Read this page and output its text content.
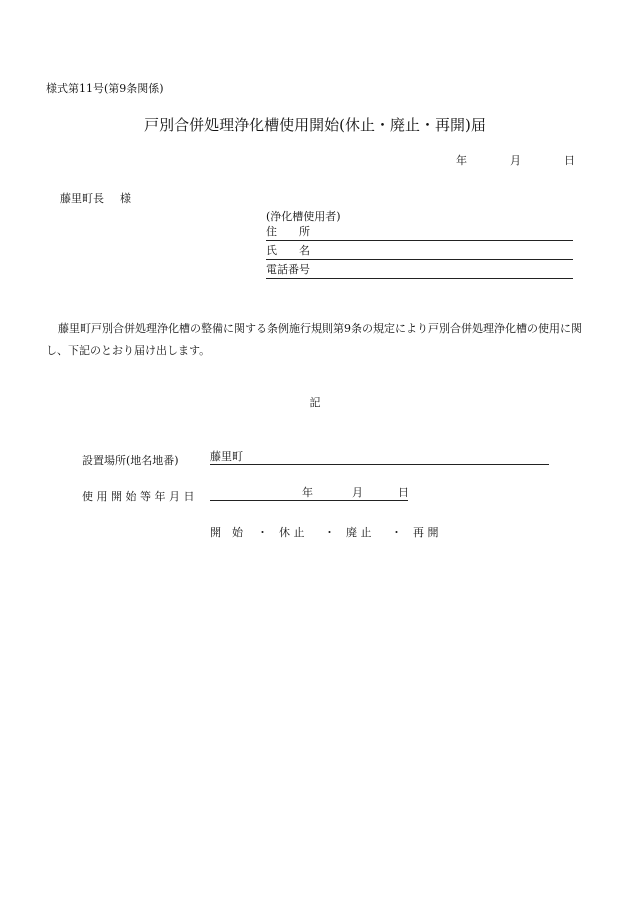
様式第11号(第9条関係)
戸別合併処理浄化槽使用開始(休止・廃止・再開)届
年	月	日
藤里町長 様
(浄化槽使用者)
住　　所
氏　　名
電話番号
藤里町戸別合併処理浄化槽の整備に関する条例施行規則第9条の規定により戸別合併処理浄化槽の使用に関し、下記のとおり届け出します。
記
設置場所(地名地番)	藤里町
使 用 開 始 等 年 月 日	年	月	日
開　始 ・ 休 止 ・ 廃 止 ・ 再 開
